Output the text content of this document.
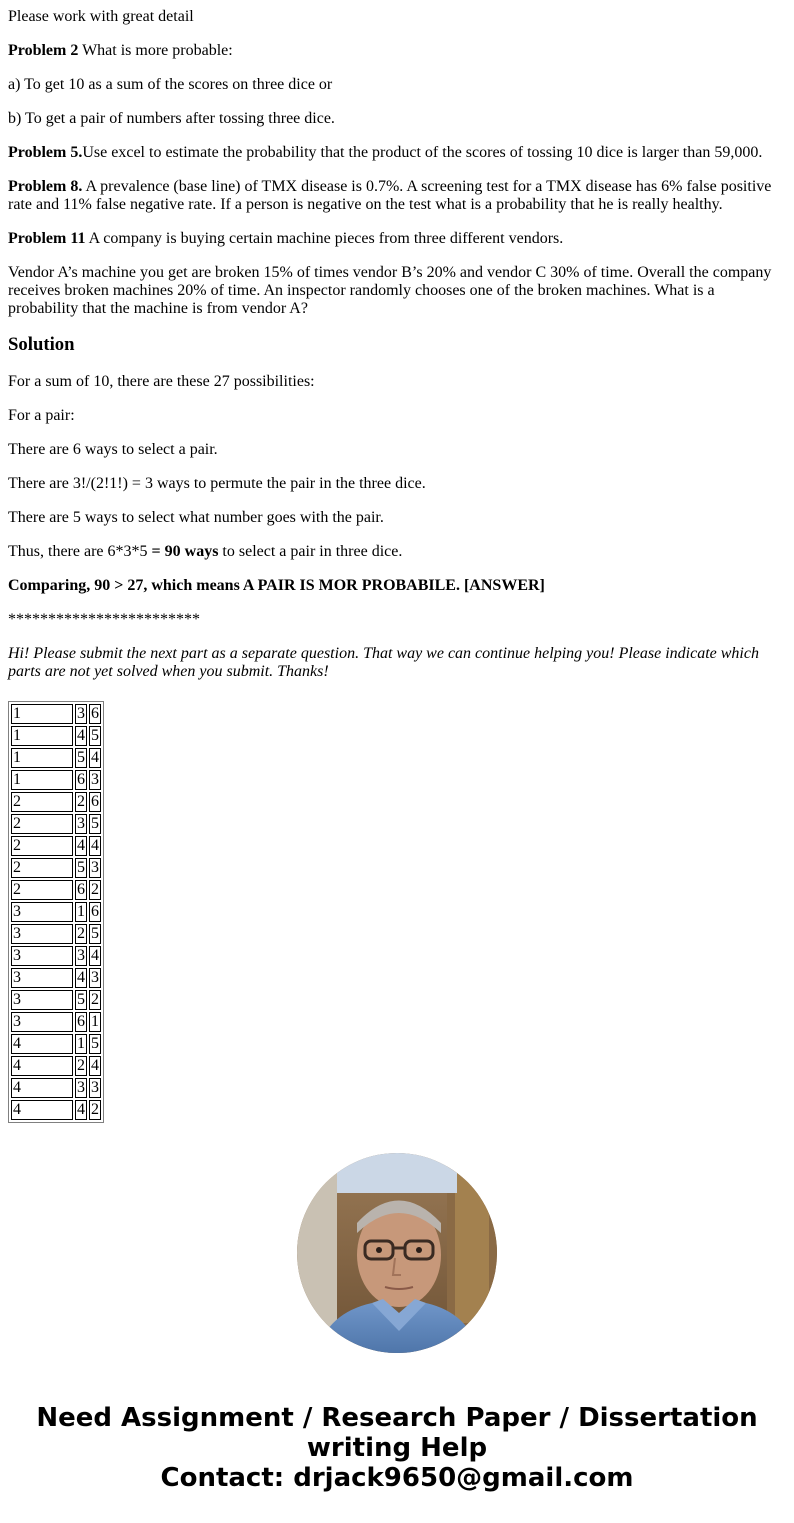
Please work with great detail

Problem 2 What is more probable:

a) To get 10 as a sum of the scores on three dice or

b) To get a pair of numbers after tossing three dice.

Problem 5.Use excel to estimate the probability that the product of the scores of tossing 10 dice is larger than 59,000.

Problem 8. A prevalence (base line) of TMX disease is 0.7%. A screening test for a TMX disease has 6% false positive rate and 11% false negative rate. If a person is negative on the test what is a probability that he is really healthy.

Problem 11 A company is buying certain machine pieces from three different vendors.

Vendor A’s machine you get are broken 15% of times vendor B’s 20% and vendor C 30% of time. Overall the company receives broken machines 20% of time. An inspector randomly chooses one of the broken machines. What is a probability that the machine is from vendor A?

Solution

For a sum of 10, there are these 27 possibilities:

For a pair:

There are 6 ways to select a pair.

There are 3!/(2!1!) = 3 ways to permute the pair in the three dice.

There are 5 ways to select what number goes with the pair.

Thus, there are 6*3*5 = 90 ways to select a pair in three dice.

Comparing, 90 > 27, which means A PAIR IS MOR PROBABILE. [ANSWER]

************************

Hi! Please submit the next part as a separate question. That way we can continue helping you! Please indicate which parts are not yet solved when you submit. Thanks!

1	3	6
1	4	5
1	5	4
1	6	3
2	2	6
2	3	5
2	4	4
2	5	3
2	6	2
3	1	6
3	2	5
3	3	4
3	4	3
3	5	2
3	6	1
4	1	5
4	2	4
4	3	3
4	4	2
Need Assignment / Research Paper / Dissertation
writing Help
Contact: drjack9650@gmail.com
